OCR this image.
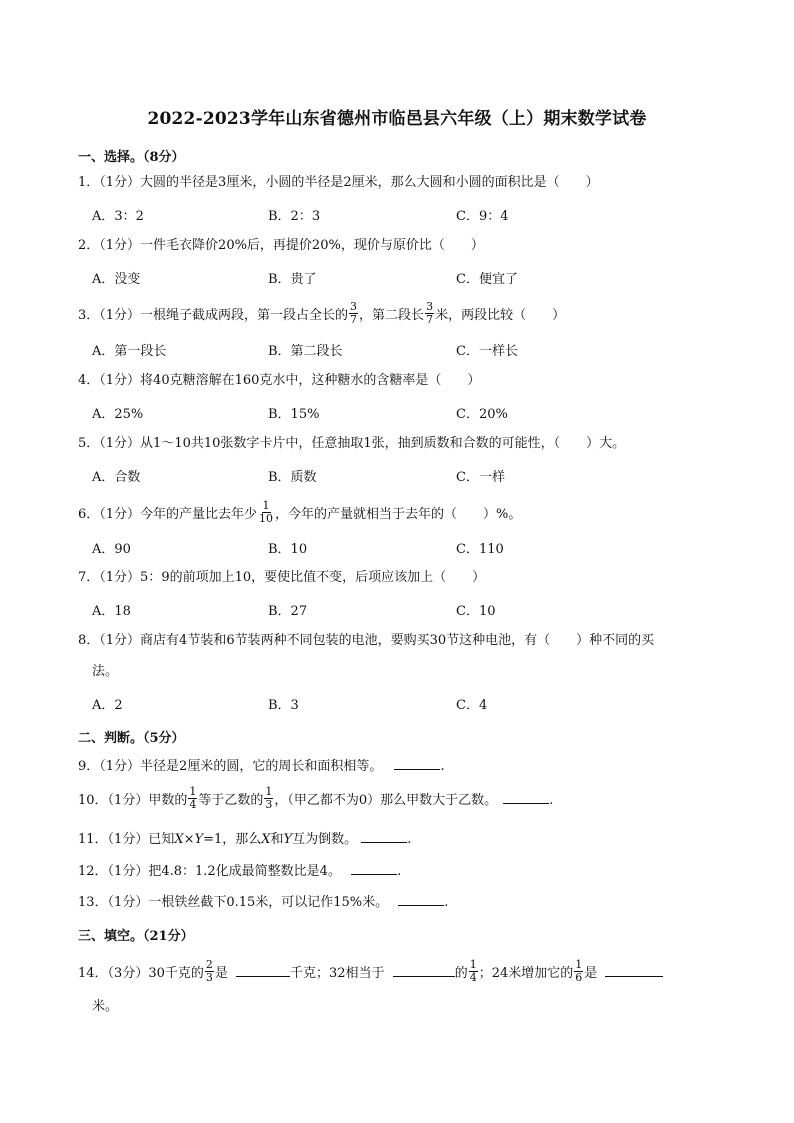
2022-2023学年山东省德州市临邑县六年级（上）期末数学试卷
一、选择。（8分）
1．（1分）大圆的半径是3厘米，小圆的半径是2厘米，那么大圆和小圆的面积比是（　　）
A．3：2	B．2：3	C．9：4
2．（1分）一件毛衣降价20%后，再提价20%，现价与原价比（　　）
A．没变	B．贵了	C．便宜了
3．（1分）一根绳子截成两段，第一段占全长的 $\frac{3}{7}$ ，第二段长 $\frac{3}{7}$ 米，两段比较（　　）
A．第一段长	B．第二段长	C．一样长
4．（1分）将40克糖溶解在160克水中，这种糖水的含糖率是（　　）
A．25%	B．15%	C．20%
5．（1分）从1～10共10张数字卡片中，任意抽取1张，抽到质数和合数的可能性，（　　）大。
A．合数	B．质数	C．一样
6．（1分）今年的产量比去年少 $\frac{1}{10}$ ，今年的产量就相当于去年的（　　）%。
A．90	B．10	C．110
7．（1分）5：9的前项加上10，要使比值不变，后项应该加上（　　）
A．18	B．27	C．10
8．（1分）商店有4节装和6节装两种不同包装的电池，要购买30节这种电池，有（　　）种不同的买
法。
A．2	B．3	C．4
二、判断。（5分）
9．（1分）半径是2厘米的圆，它的周长和面积相等。	.
10．（1分）甲数的 $\frac{1}{4}$ 等于乙数的 $\frac{1}{3}$ ，（甲乙都不为0）那么甲数大于乙数。	.
11．（1分）已知X×Y=1，那么X和Y互为倒数。	.
12．（1分）把4.8：1.2化成最简整数比是4。	.
13．（1分）一根铁丝截下0.15米，可以记作15%米。	.
三、填空。（21分）
14．（3分）30千克的 $\frac{2}{3}$ 是	千克；32相当于	的 $\frac{1}{4}$ ；24米增加它的 $\frac{1}{6}$ 是
米。
